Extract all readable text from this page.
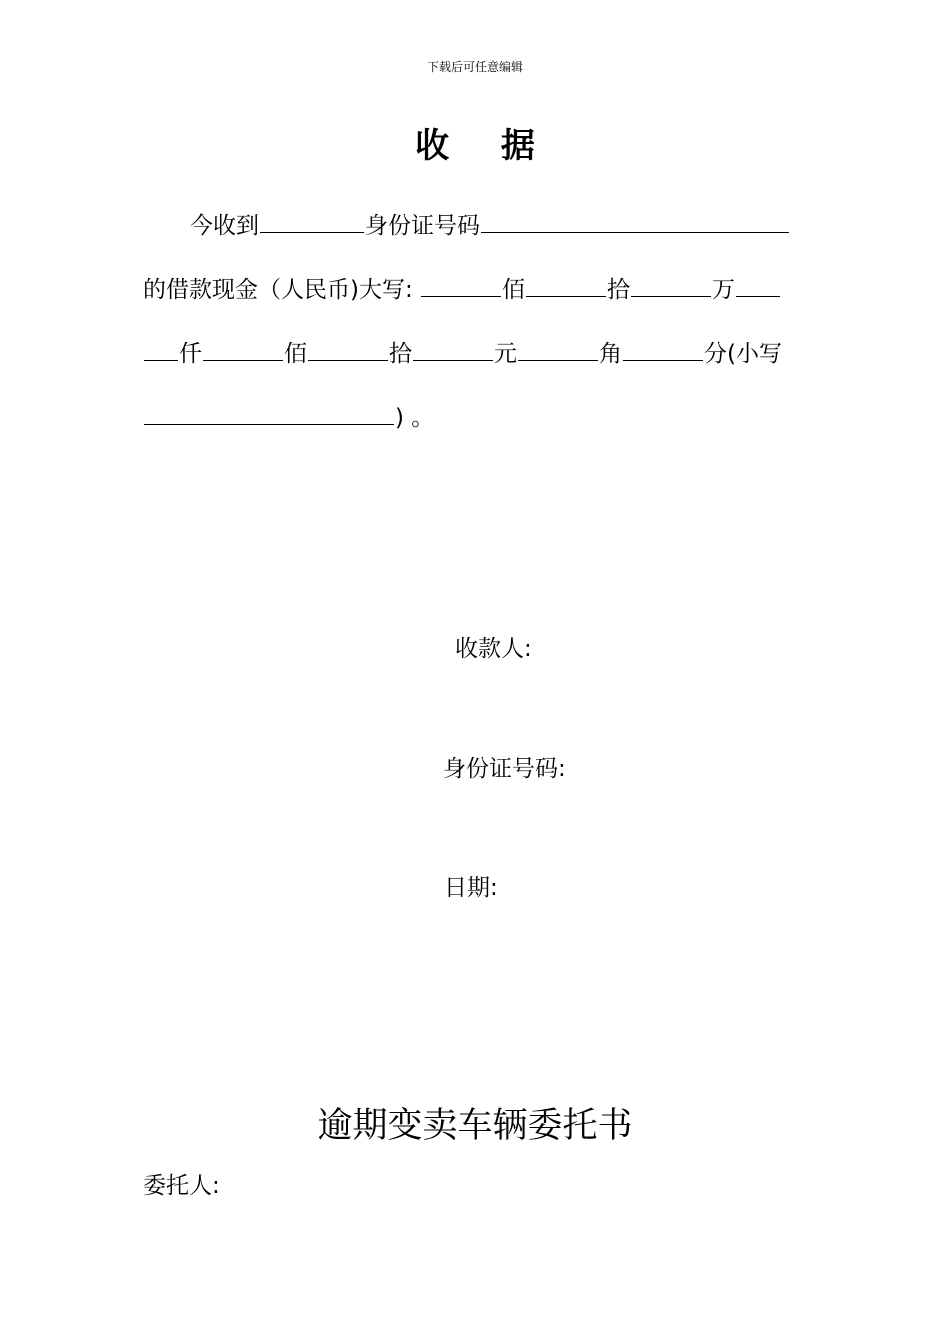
下载后可任意编辑
收 据
今收到	身份证号码
的借款现金（人民币)大写:	佰	拾	万
仟	佰	拾	元	角	分(小写
) 。
收款人:
身份证号码:
日期:
逾期变卖车辆委托书
委托人:
